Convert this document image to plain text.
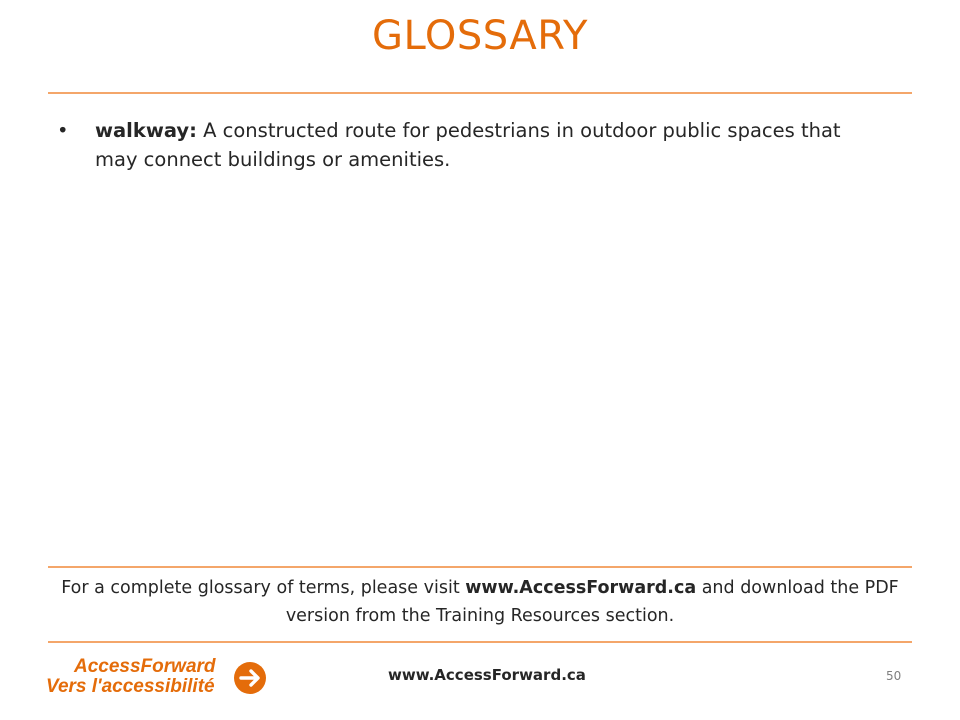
GLOSSARY
• walkway: A constructed route for pedestrians in outdoor public spaces that may connect buildings or amenities.
For a complete glossary of terms, please visit www.AccessForward.ca and download the PDF version from the Training Resources section.
AccessForward
Vers l'accessibilité
www.AccessForward.ca	50
